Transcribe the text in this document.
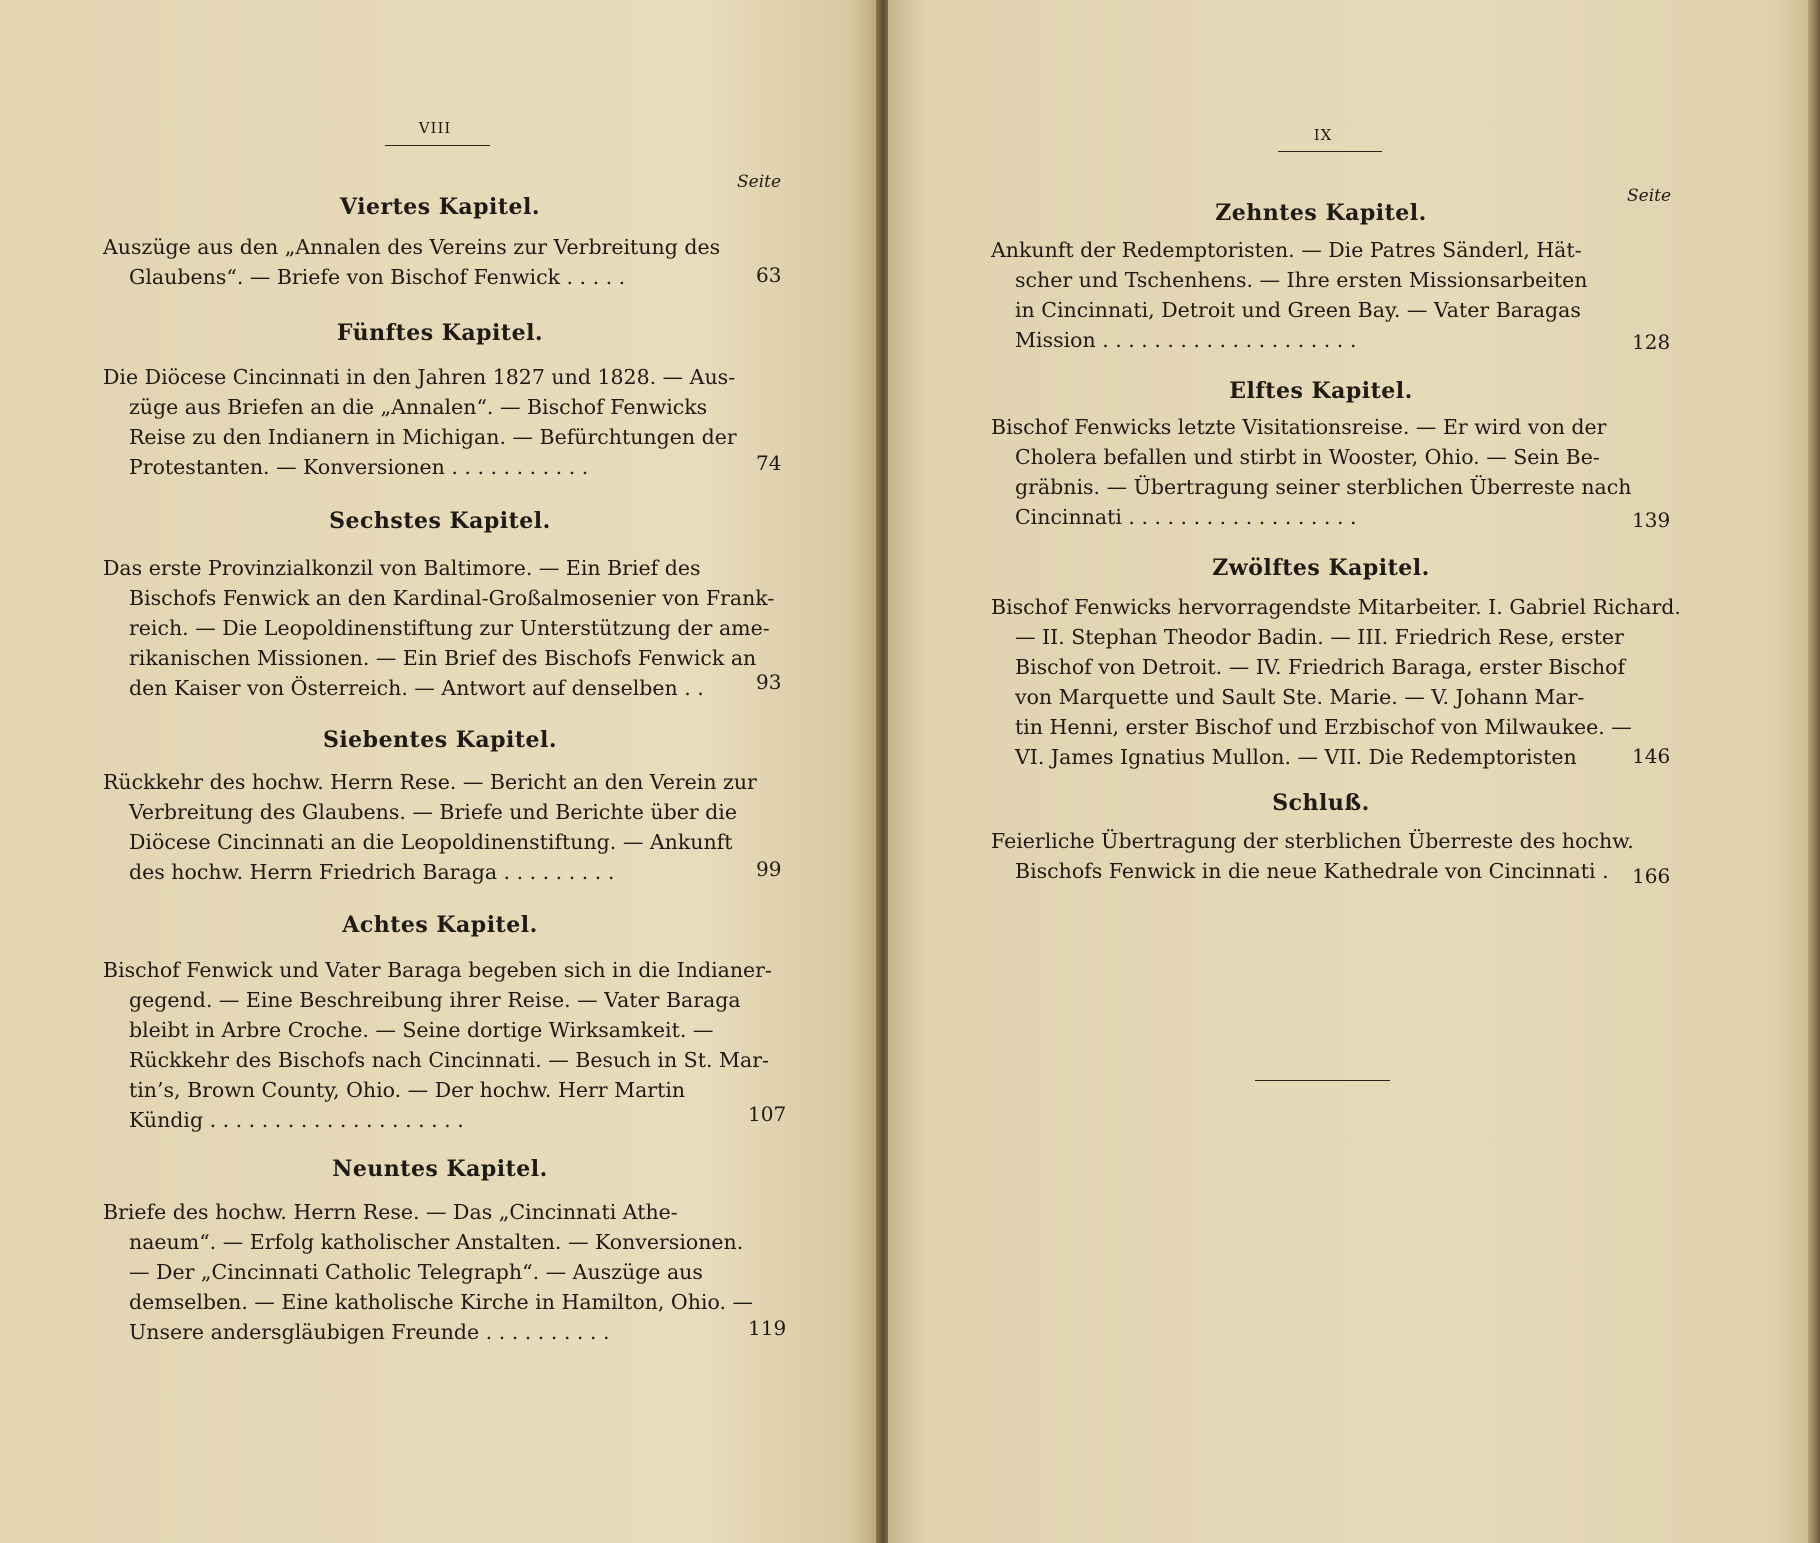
VIII
Seite
Viertes Kapitel.
Auszüge aus den „Annalen des Vereins zur Verbreitung des
Glaubens“. — Briefe von Bischof Fenwick . . . . .	63
Fünftes Kapitel.
Die Diöcese Cincinnati in den Jahren 1827 und 1828. — Aus-
züge aus Briefen an die „Annalen“. — Bischof Fenwicks
Reise zu den Indianern in Michigan. — Befürchtungen der
Protestanten. — Konversionen . . . . . . . . . . .	74
Sechstes Kapitel.
Das erste Provinzialkonzil von Baltimore. — Ein Brief des
Bischofs Fenwick an den Kardinal-Großalmosenier von Frank-
reich. — Die Leopoldinenstiftung zur Unterstützung der ame-
rikanischen Missionen. — Ein Brief des Bischofs Fenwick an
den Kaiser von Österreich. — Antwort auf denselben . .	93
Siebentes Kapitel.
Rückkehr des hochw. Herrn Rese. — Bericht an den Verein zur
Verbreitung des Glaubens. — Briefe und Berichte über die
Diöcese Cincinnati an die Leopoldinenstiftung. — Ankunft
des hochw. Herrn Friedrich Baraga . . . . . . . . .	99
Achtes Kapitel.
Bischof Fenwick und Vater Baraga begeben sich in die Indianer-
gegend. — Eine Beschreibung ihrer Reise. — Vater Baraga
bleibt in Arbre Croche. — Seine dortige Wirksamkeit. —
Rückkehr des Bischofs nach Cincinnati. — Besuch in St. Mar-
tin’s, Brown County, Ohio. — Der hochw. Herr Martin
Kündig . . . . . . . . . . . . . . . . . . . .	107
Neuntes Kapitel.
Briefe des hochw. Herrn Rese. — Das „Cincinnati Athe-
naeum“. — Erfolg katholischer Anstalten. — Konversionen.
— Der „Cincinnati Catholic Telegraph“. — Auszüge aus
demselben. — Eine katholische Kirche in Hamilton, Ohio. —
Unsere andersgläubigen Freunde . . . . . . . . . .	119
IX
Seite
Zehntes Kapitel.
Ankunft der Redemptoristen. — Die Patres Sänderl, Hät-
scher und Tschenhens. — Ihre ersten Missionsarbeiten
in Cincinnati, Detroit und Green Bay. — Vater Baragas
Mission . . . . . . . . . . . . . . . . . . . .	128
Elftes Kapitel.
Bischof Fenwicks letzte Visitationsreise. — Er wird von der
Cholera befallen und stirbt in Wooster, Ohio. — Sein Be-
gräbnis. — Übertragung seiner sterblichen Überreste nach
Cincinnati . . . . . . . . . . . . . . . . . .	139
Zwölftes Kapitel.
Bischof Fenwicks hervorragendste Mitarbeiter. I. Gabriel Richard.
— II. Stephan Theodor Badin. — III. Friedrich Rese, erster
Bischof von Detroit. — IV. Friedrich Baraga, erster Bischof
von Marquette und Sault Ste. Marie. — V. Johann Mar-
tin Henni, erster Bischof und Erzbischof von Milwaukee. —
VI. James Ignatius Mullon. — VII. Die Redemptoristen	146
Schluß.
Feierliche Übertragung der sterblichen Überreste des hochw.
Bischofs Fenwick in die neue Kathedrale von Cincinnati . 166
